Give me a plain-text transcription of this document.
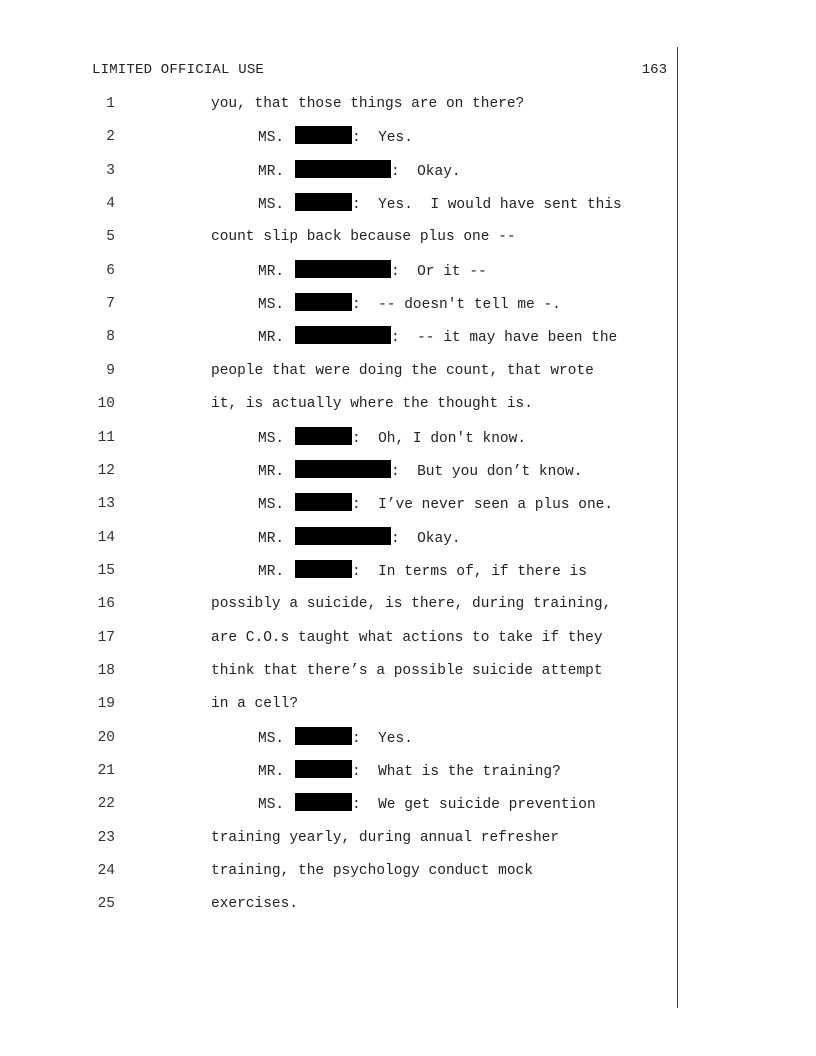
LIMITED OFFICIAL USE	163
1	you, that those things are on there?
2	MS.	:  Yes.
3	MR.	:  Okay.
4	MS.	:  Yes.  I would have sent this
5	count slip back because plus one --
6	MR.	:  Or it --
7	MS.	:  -- doesn't tell me -.
8	MR.	:  -- it may have been the
9	people that were doing the count, that wrote
10	it, is actually where the thought is.
11	MS.	:  Oh, I don't know.
12	MR.	:  But you don’t know.
13	MS.	:  I’ve never seen a plus one.
14	MR.	:  Okay.
15	MR.	:  In terms of, if there is
16	possibly a suicide, is there, during training,
17	are C.O.s taught what actions to take if they
18	think that there’s a possible suicide attempt
19	in a cell?
20	MS.	:  Yes.
21	MR.	:  What is the training?
22	MS.	:  We get suicide prevention
23	training yearly, during annual refresher
24	training, the psychology conduct mock
25	exercises.
